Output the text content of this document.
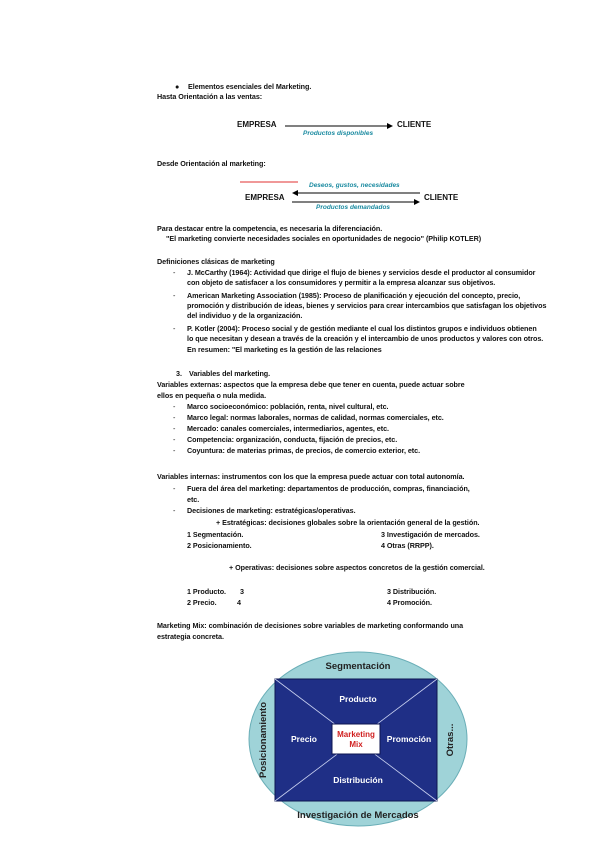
● Elementos esenciales del Marketing.
Hasta Orientación a las ventas:
EMPRESA	CLIENTE
Productos disponibles
Desde Orientación al marketing:
Deseos, gustos, necesidades
EMPRESA	CLIENTE
Productos demandados
Para destacar entre la competencia, es necesaria la diferenciación.
"El marketing convierte necesidades sociales en oportunidades de negocio" (Philip KOTLER)
Definiciones clásicas de marketing
- J. McCarthy (1964): Actividad que dirige el flujo de bienes y servicios desde el productor al consumidor
con objeto de satisfacer a los consumidores y permitir a la empresa alcanzar sus objetivos.
- American Marketing Association (1985): Proceso de planificación y ejecución del concepto, precio,
promoción y distribución de ideas, bienes y servicios para crear intercambios que satisfagan los objetivos
del individuo y de la organización.
- P. Kotler (2004): Proceso social y de gestión mediante el cual los distintos grupos e individuos obtienen
lo que necesitan y desean a través de la creación y el intercambio de unos productos y valores con otros.
En resumen: "El marketing es la gestión de las relaciones
3. Variables del marketing.
Variables externas: aspectos que la empresa debe que tener en cuenta, puede actuar sobre
ellos en pequeña o nula medida.
- Marco socioeconómico: población, renta, nivel cultural, etc.
- Marco legal: normas laborales, normas de calidad, normas comerciales, etc.
- Mercado: canales comerciales, intermediarios, agentes, etc.
- Competencia: organización, conducta, fijación de precios, etc.
- Coyuntura: de materias primas, de precios, de comercio exterior, etc.
Variables internas: instrumentos con los que la empresa puede actuar con total autonomía.
- Fuera del área del marketing: departamentos de producción, compras, financiación,
etc.
- Decisiones de marketing: estratégicas/operativas.
+ Estratégicas: decisiones globales sobre la orientación general de la gestión.
1 Segmentación.	3 Investigación de mercados.
2 Posicionamiento.	4 Otras (RRPP).
+ Operativas: decisiones sobre aspectos concretos de la gestión comercial.
1 Producto. 3	3 Distribución.
2 Precio.	4	4 Promoción.
Marketing Mix: combinación de decisiones sobre variables de marketing conformando una
estrategia concreta.
Segmentación
Investigación de Mercados
Posicionamiento	Otras...
Producto
Precio	Promoción
Distribución
Marketing
Mix
